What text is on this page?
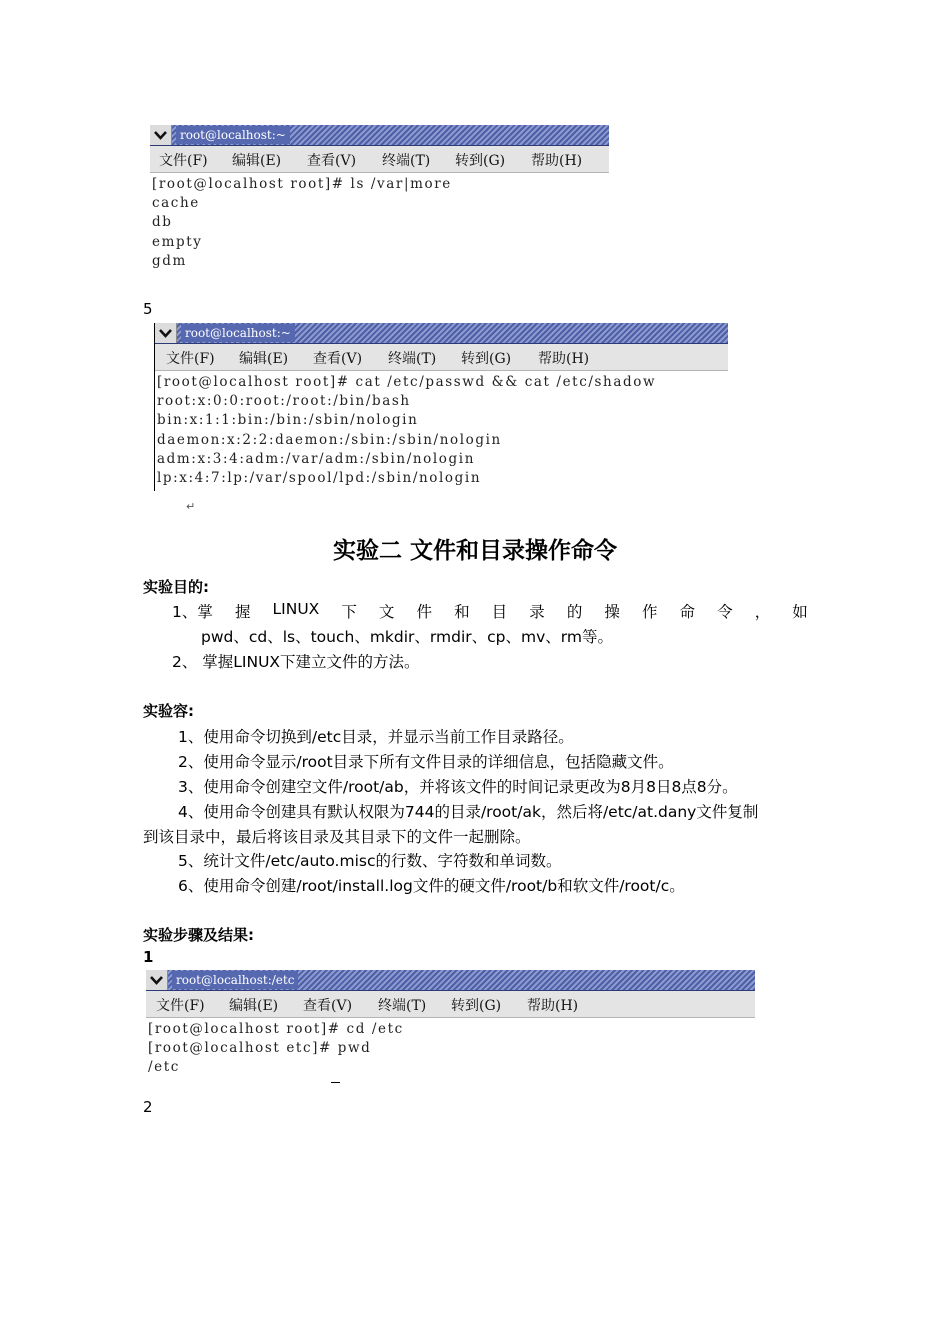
root@localhost:~
文件(F) 编辑(E) 查看(V) 终端(T) 转到(G) 帮助(H)
[root@localhost root]# ls /var|more
cache
db
empty
gdm
5
root@localhost:~
文件(F) 编辑(E) 查看(V) 终端(T) 转到(G) 帮助(H)
[root@localhost root]# cat /etc/passwd && cat /etc/shadow
root:x:0:0:root:/root:/bin/bash
bin:x:1:1:bin:/bin:/sbin/nologin
daemon:x:2:2:daemon:/sbin:/sbin/nologin
adm:x:3:4:adm:/var/adm:/sbin/nologin
lp:x:4:7:lp:/var/spool/lpd:/sbin/nologin
↵
实验二 文件和目录操作命令
实验目的:
1、掌 握 LINUX 下 文 件 和 目 录 的 操 作 命 令 ， 如
pwd、cd、ls、touch、mkdir、rmdir、cp、mv、rm等。
2、 掌握LINUX下建立文件的方法。
实验容:
1、使用命令切换到/etc目录，并显示当前工作目录路径。
2、使用命令显示/root目录下所有文件目录的详细信息，包括隐藏文件。
3、使用命令创建空文件/root/ab，并将该文件的时间记录更改为8月8日8点8分。
4、使用命令创建具有默认权限为744的目录/root/ak，然后将/etc/at.dany文件复制
到该目录中，最后将该目录及其目录下的文件一起删除。
5、统计文件/etc/auto.misc的行数、字符数和单词数。
6、使用命令创建/root/install.log文件的硬文件/root/b和软文件/root/c。
实验步骤及结果:
1
root@localhost:/etc
文件(F) 编辑(E) 查看(V) 终端(T) 转到(G) 帮助(H)
[root@localhost root]# cd /etc
[root@localhost etc]# pwd
/etc
2
